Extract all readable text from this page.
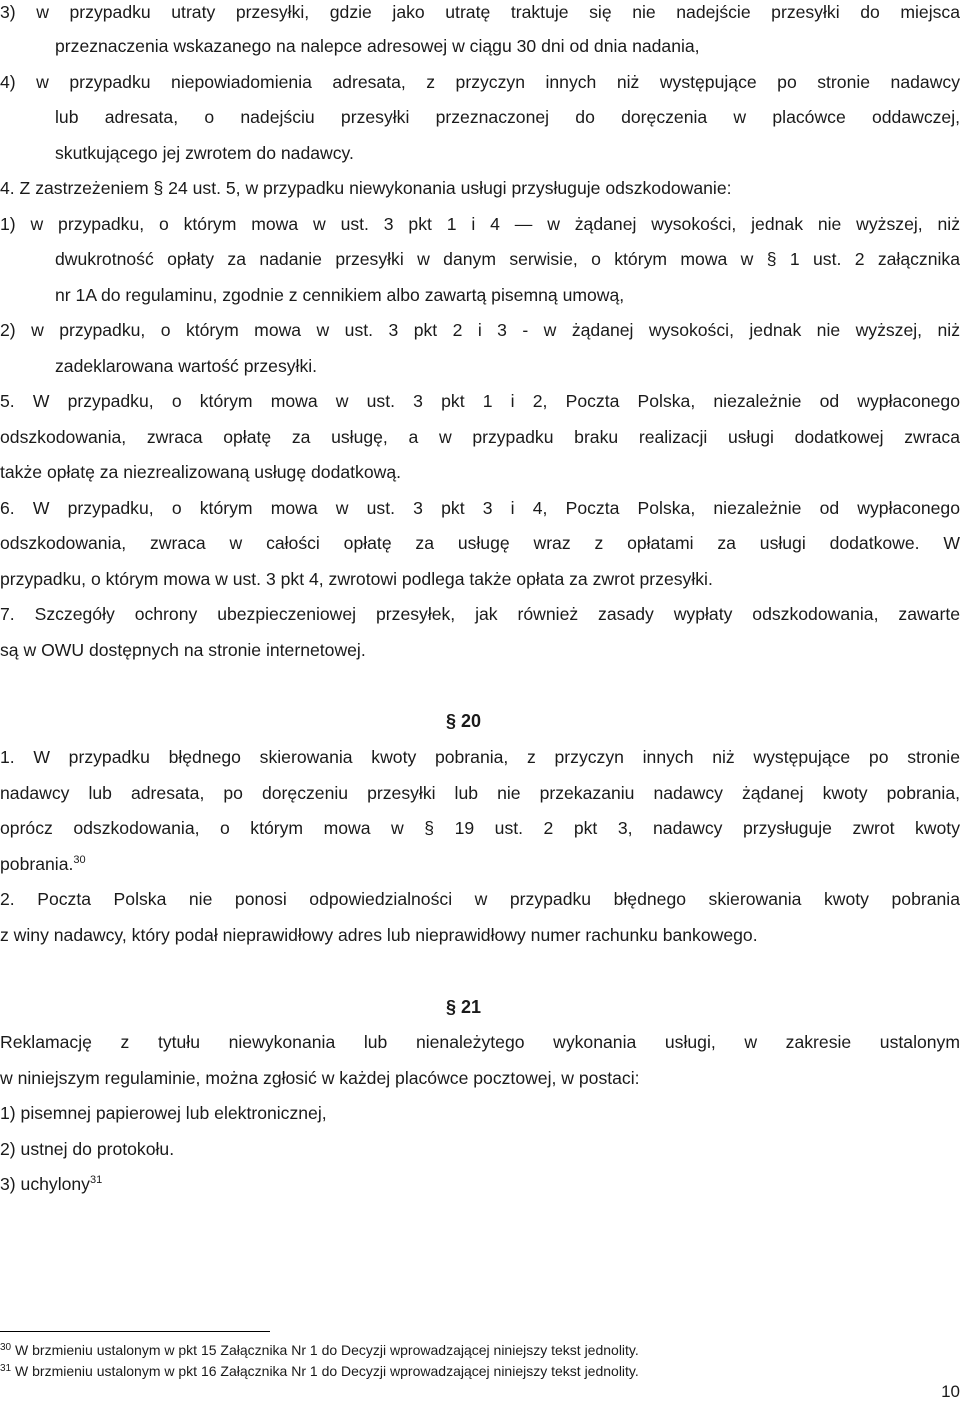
3) w przypadku utraty przesyłki, gdzie jako utratę traktuje się nie nadejście przesyłki do miejsca
przeznaczenia wskazanego na nalepce adresowej w ciągu 30 dni od dnia nadania,
4) w przypadku niepowiadomienia adresata, z przyczyn innych niż występujące po stronie nadawcy
lub adresata, o nadejściu przesyłki przeznaczonej do doręczenia w placówce oddawczej,
skutkującego jej zwrotem do nadawcy.
4. Z zastrzeżeniem § 24 ust. 5, w przypadku niewykonania usługi przysługuje odszkodowanie:
1) w przypadku, o którym mowa w ust. 3 pkt 1 i 4 — w żądanej wysokości, jednak nie wyższej, niż
dwukrotność opłaty za nadanie przesyłki w danym serwisie, o którym mowa w § 1 ust. 2 załącznika
nr 1A do regulaminu, zgodnie z cennikiem albo zawartą pisemną umową,
2) w przypadku, o którym mowa w ust. 3 pkt 2 i 3 - w żądanej wysokości, jednak nie wyższej, niż
zadeklarowana wartość przesyłki.
5. W przypadku, o którym mowa w ust. 3 pkt 1 i 2, Poczta Polska, niezależnie od wypłaconego
odszkodowania, zwraca opłatę za usługę, a w przypadku braku realizacji usługi dodatkowej zwraca
także opłatę za niezrealizowaną usługę dodatkową.
6. W przypadku, o którym mowa w ust. 3 pkt 3 i 4, Poczta Polska, niezależnie od wypłaconego
odszkodowania, zwraca w całości opłatę za usługę wraz z opłatami za usługi dodatkowe. W
przypadku, o którym mowa w ust. 3 pkt 4, zwrotowi podlega także opłata za zwrot przesyłki.
7. Szczegóły ochrony ubezpieczeniowej przesyłek, jak również zasady wypłaty odszkodowania, zawarte
są w OWU dostępnych na stronie internetowej.
§ 20
1. W przypadku błędnego skierowania kwoty pobrania, z przyczyn innych niż występujące po stronie
nadawcy lub adresata, po doręczeniu przesyłki lub nie przekazaniu nadawcy żądanej kwoty pobrania,
oprócz odszkodowania, o którym mowa w § 19 ust. 2 pkt 3, nadawcy przysługuje zwrot kwoty
pobrania.$^{30}$
2. Poczta Polska nie ponosi odpowiedzialności w przypadku błędnego skierowania kwoty pobrania
z winy nadawcy, który podał nieprawidłowy adres lub nieprawidłowy numer rachunku bankowego.
§ 21
Reklamację z tytułu niewykonania lub nienależytego wykonania usługi, w zakresie ustalonym
w niniejszym regulaminie, można zgłosić w każdej placówce pocztowej, w postaci:
1) pisemnej papierowej lub elektronicznej,
2) ustnej do protokołu.
3) uchylony$^{31}$
$^{30}$ W brzmieniu ustalonym w pkt 15 Załącznika Nr 1 do Decyzji wprowadzającej niniejszy tekst jednolity.
$^{31}$ W brzmieniu ustalonym w pkt 16 Załącznika Nr 1 do Decyzji wprowadzającej niniejszy tekst jednolity.
10
